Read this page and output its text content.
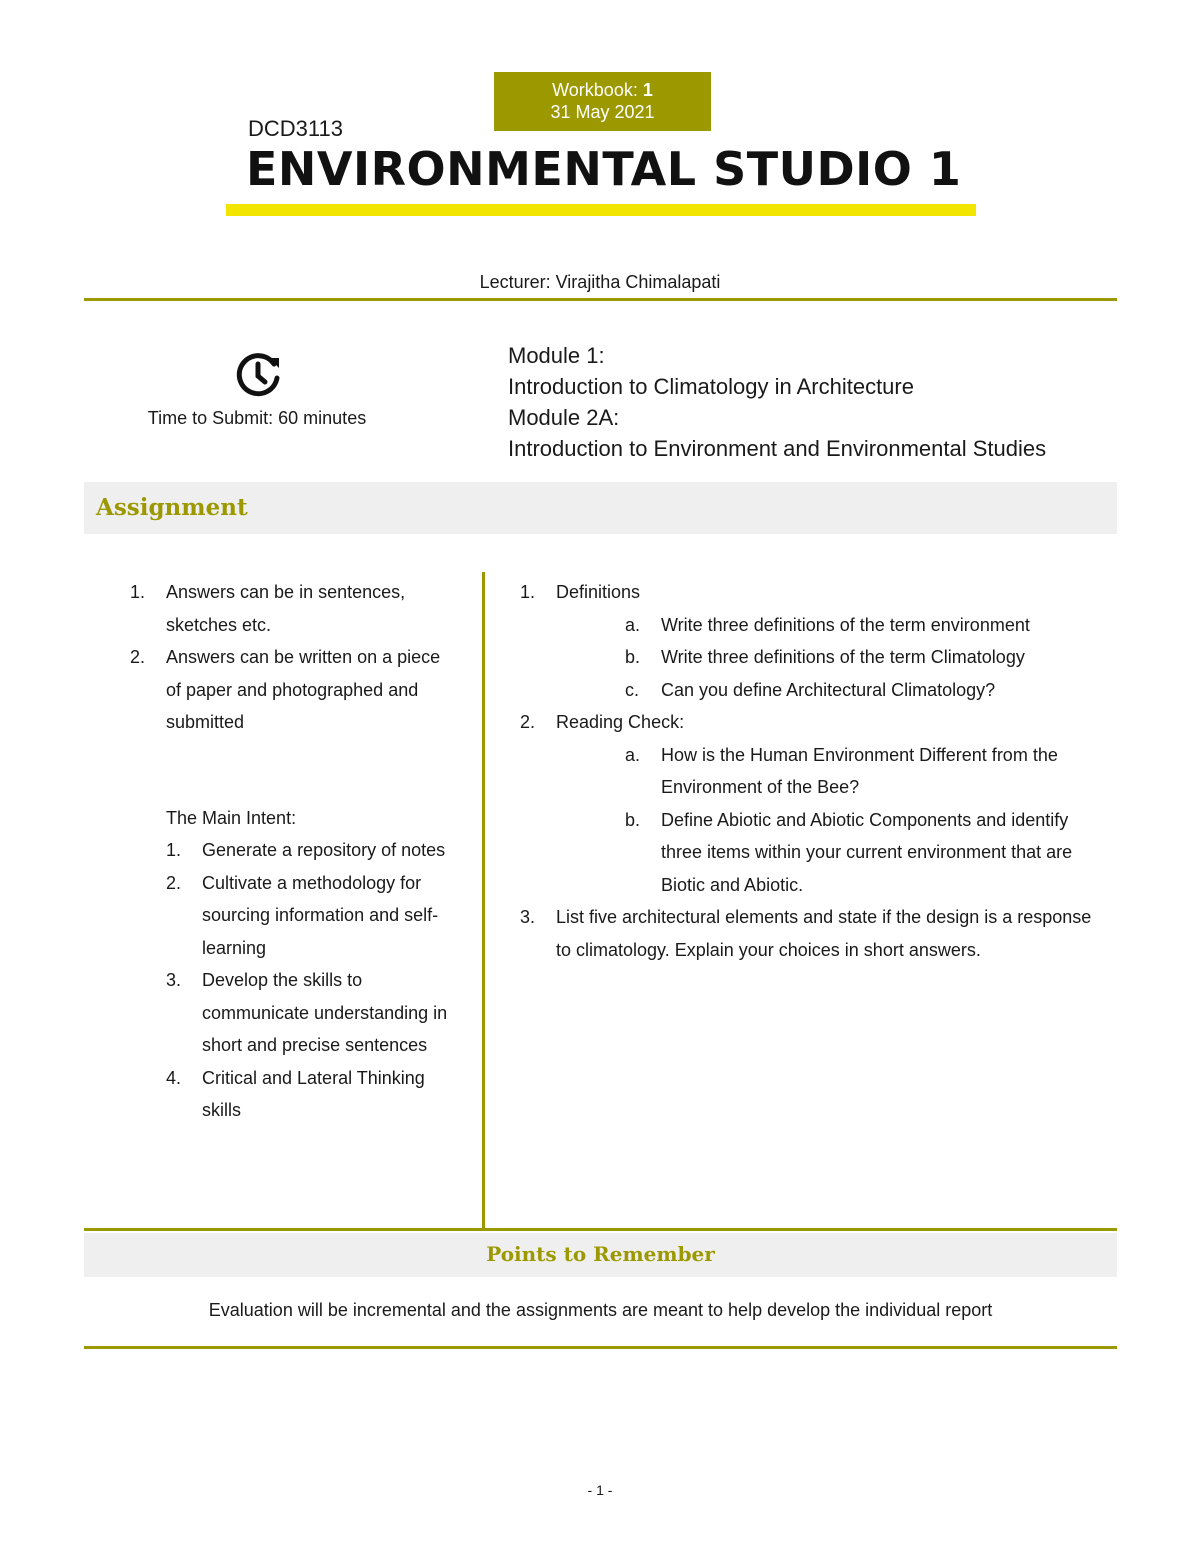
Workbook: 1
31 May 2021
DCD3113
ENVIRONMENTAL STUDIO 1
Lecturer: Virajitha Chimalapati
Time to Submit: 60 minutes
Module 1:
Introduction to Climatology in Architecture
Module 2A:
Introduction to Environment and Environmental Studies
Assignment
1. Answers can be in sentences, sketches etc.
2. Answers can be written on a piece of paper and photographed and submitted
The Main Intent:
1. Generate a repository of notes
2. Cultivate a methodology for sourcing information and self-learning
3. Develop the skills to communicate understanding in short and precise sentences
4. Critical and Lateral Thinking skills
1. Definitions
a. Write three definitions of the term environment
b. Write three definitions of the term Climatology
c. Can you define Architectural Climatology?
2. Reading Check:
a. How is the Human Environment Different from the Environment of the Bee?
b. Define Abiotic and Abiotic Components and identify three items within your current environment that are Biotic and Abiotic.
3. List five architectural elements and state if the design is a response to climatology. Explain your choices in short answers.
Points to Remember
Evaluation will be incremental and the assignments are meant to help develop the individual report
- 1 -
